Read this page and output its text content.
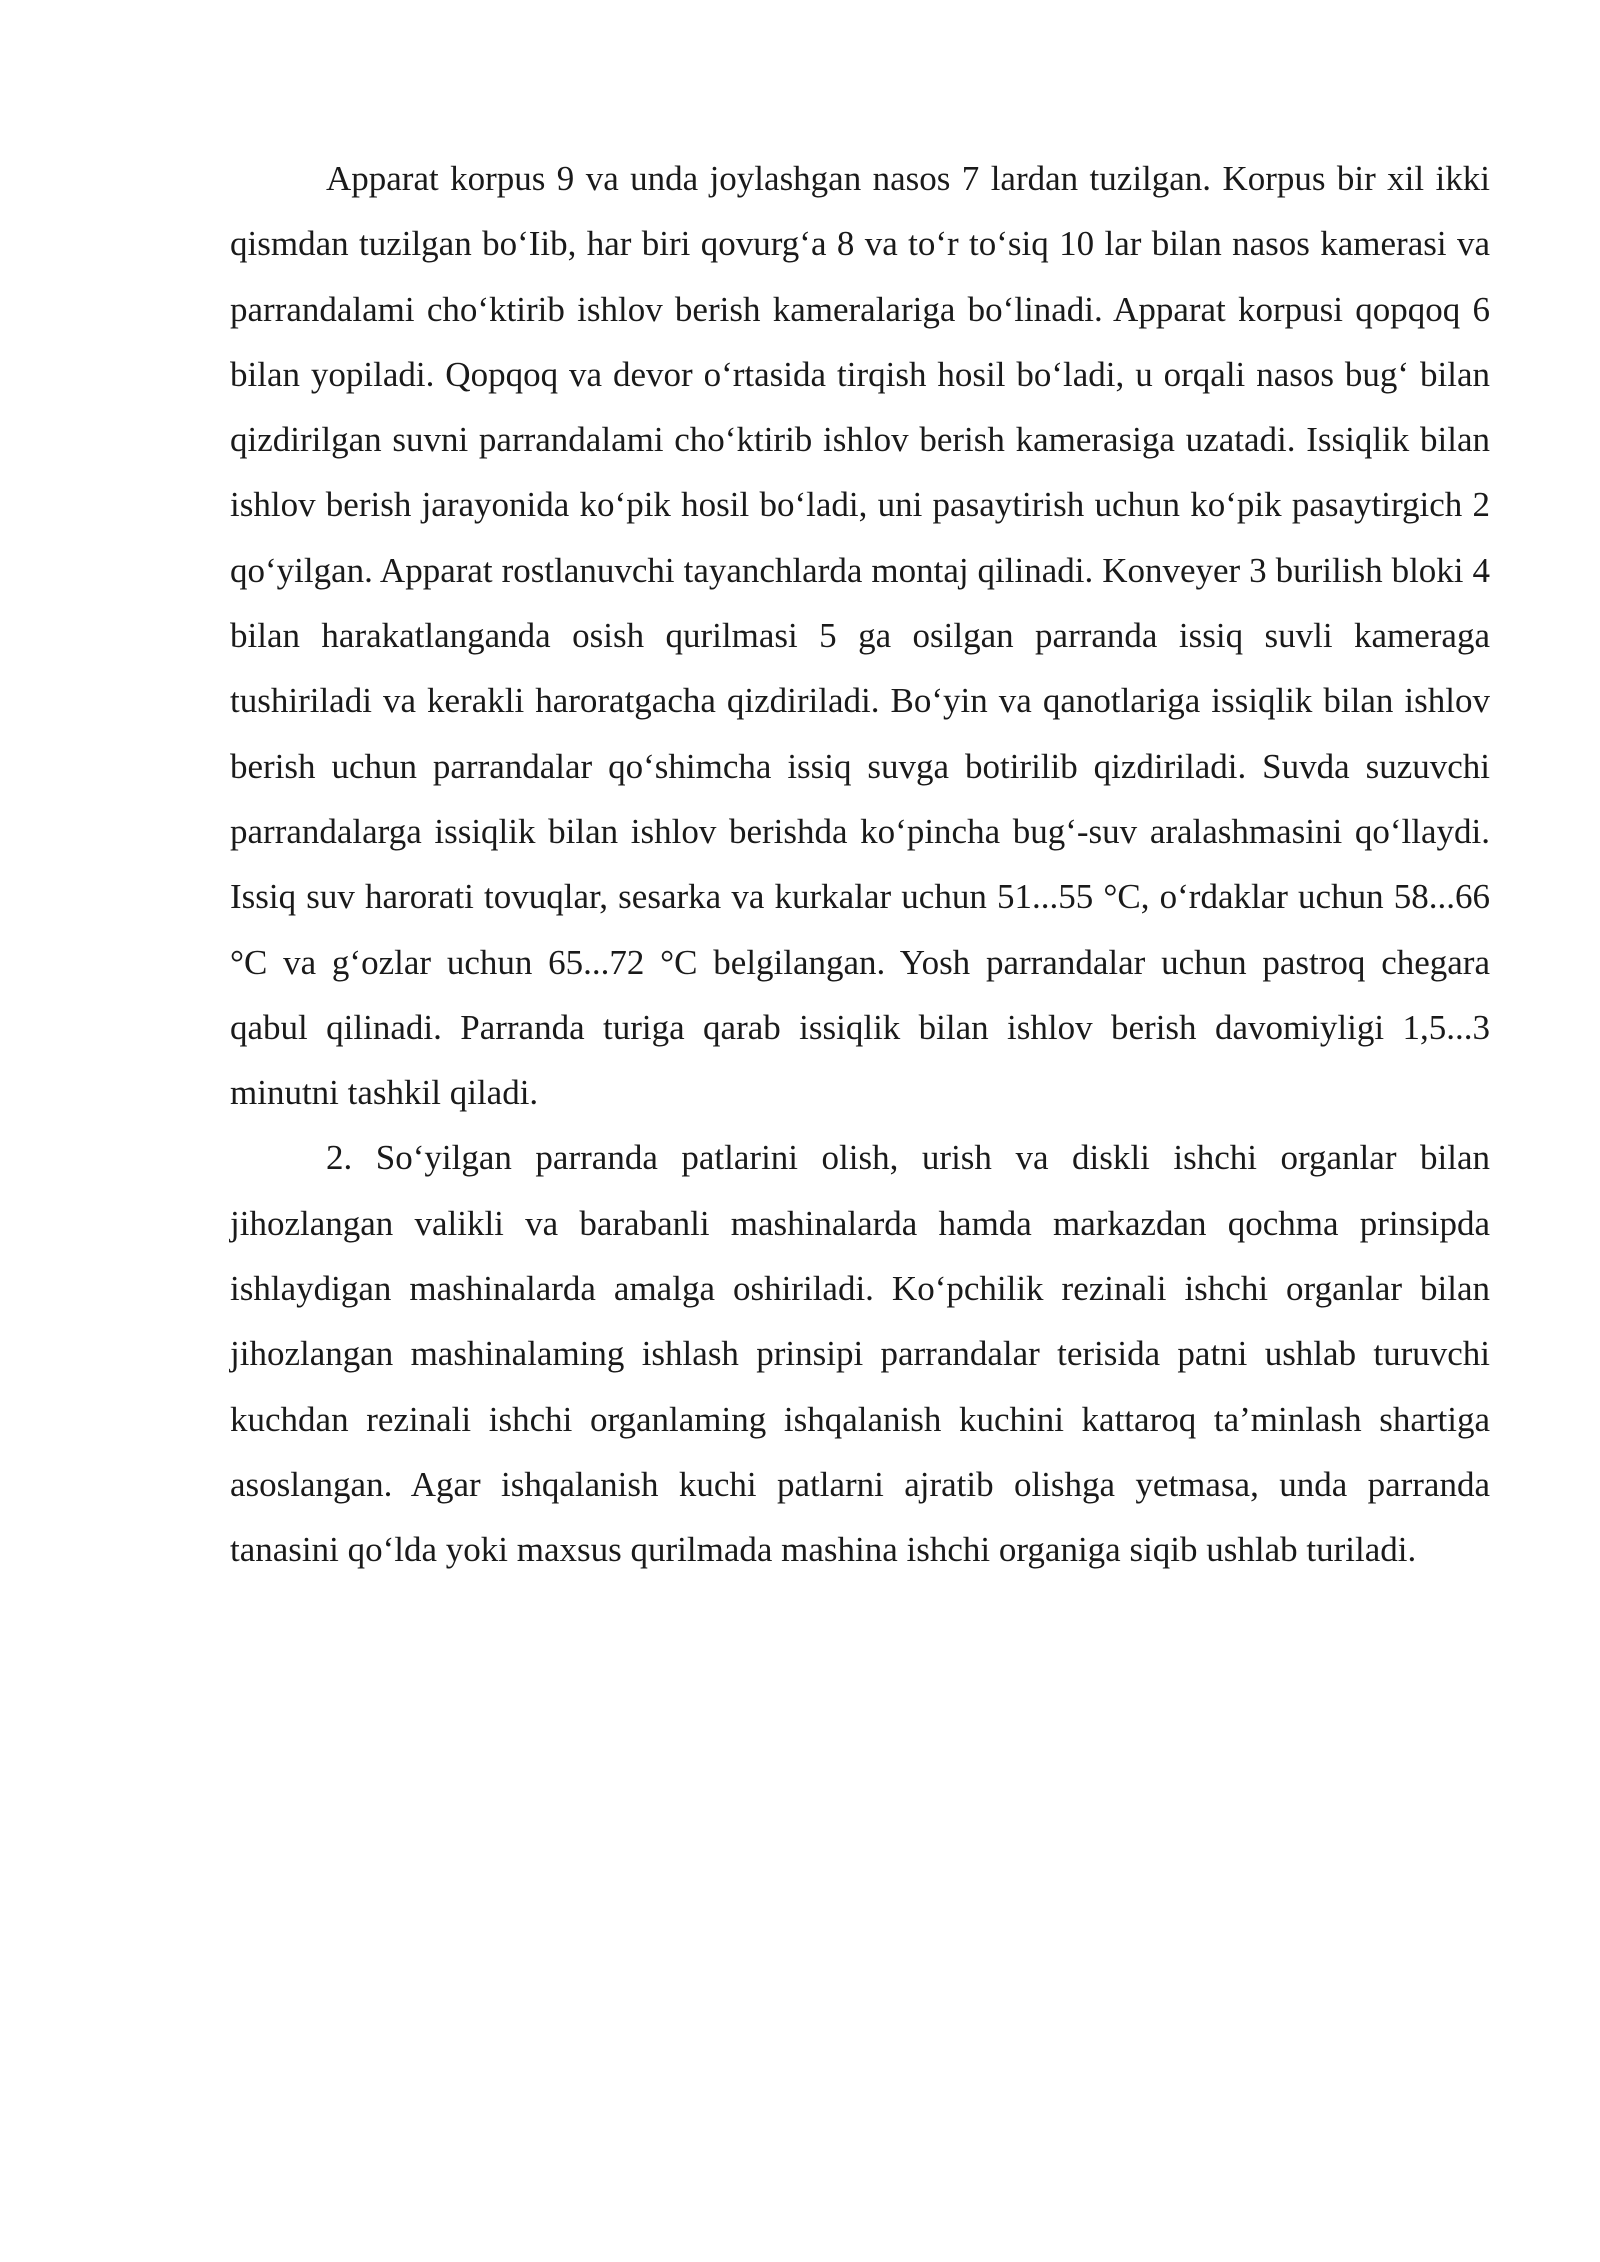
Apparat korpus 9 va unda joylashgan nasos 7 lardan tuzilgan. Korpus bir xil ikki qismdan tuzilgan bo‘Iib, har biri qovurg‘a 8 va to‘r to‘siq 10 lar bilan nasos kamerasi va parrandalami cho‘ktirib ishlov berish kameralariga bo‘linadi. Apparat korpusi qopqoq 6 bilan yopiladi. Qopqoq va devor o‘rtasida tirqish hosil bo‘ladi, u orqali nasos bug‘ bilan qizdirilgan suvni parrandalami cho‘ktirib ishlov berish kamerasiga uzatadi. Issiqlik bilan ishlov berish jarayonida ko‘pik hosil bo‘ladi, uni pasaytirish uchun ko‘pik pasaytirgich 2 qo‘yilgan. Apparat rostlanuvchi tayanchlarda montaj qilinadi. Konveyer 3 burilish bloki 4 bilan harakatlanganda osish qurilmasi 5 ga osilgan parranda issiq suvli kameraga tushiriladi va kerakli haroratgacha qizdiriladi. Bo‘yin va qanotlariga issiqlik bilan ishlov berish uchun parrandalar qo‘shimcha issiq suvga botirilib qizdiriladi. Suvda suzuvchi parrandalarga issiqlik bilan ishlov berishda ko‘pincha bug‘-suv aralashmasini qo‘llaydi. Issiq suv harorati tovuqlar, sesarka va kurkalar uchun 51...55 °C, o‘rdaklar uchun 58...66 °C va g‘ozlar uchun 65...72 °C belgilangan. Yosh parrandalar uchun pastroq chegara qabul qilinadi. Parranda turiga qarab issiqlik bilan ishlov berish davomiyligi 1,5...3 minutni tashkil qiladi.

2. So‘yilgan parranda patlarini olish, urish va diskli ishchi organlar bilan jihozlangan valikli va barabanli mashinalarda hamda markazdan qochma prinsipda ishlaydigan mashinalarda amalga oshiriladi. Ko‘pchilik rezinali ishchi organlar bilan jihozlangan mashinalaming ishlash prinsipi parrandalar terisida patni ushlab turuvchi kuchdan rezinali ishchi organlaming ishqalanish kuchini kattaroq ta’minlash shartiga asoslangan. Agar ishqalanish kuchi patlarni ajratib olishga yetmasa, unda parranda tanasini qo‘lda yoki maxsus qurilmada mashina ishchi organiga siqib ushlab turiladi.
